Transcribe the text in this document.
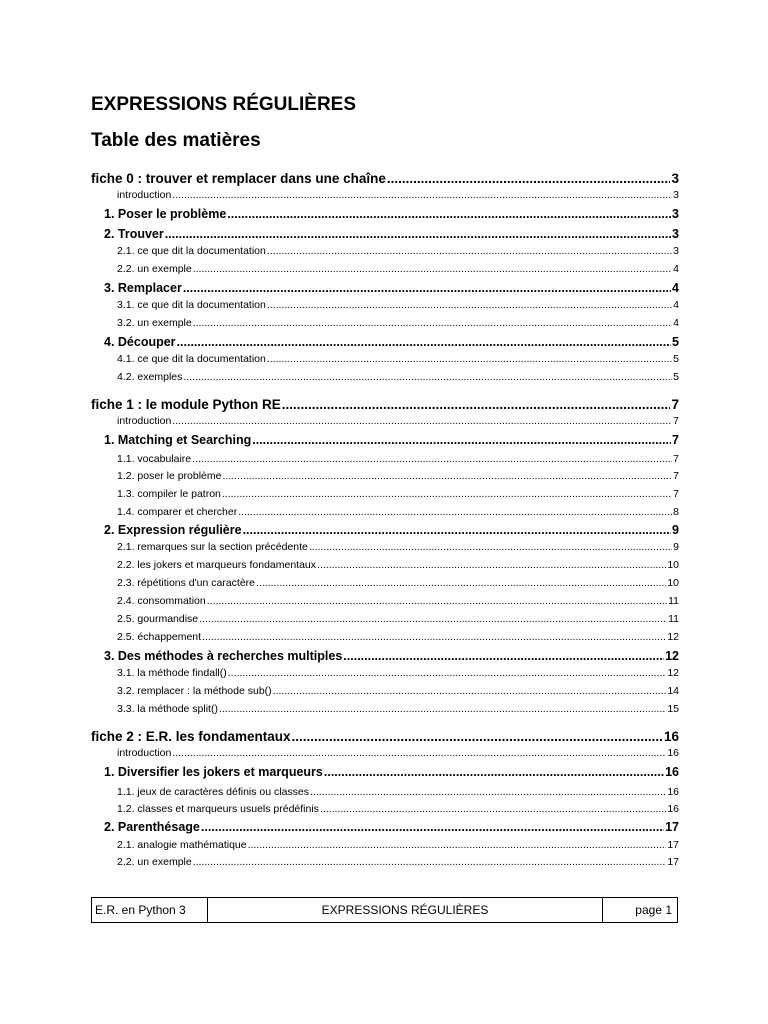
EXPRESSIONS RÉGULIÈRES
Table des matières
fiche 0 : trouver et remplacer dans une chaîne .....	3
introduction .....	3
1. Poser le problème .....	3
2. Trouver .....	3
2.1. ce que dit la documentation .....	3
2.2. un exemple .....	4
3. Remplacer .....	4
3.1. ce que dit la documentation .....	4
3.2. un exemple .....	4
4. Découper .....	5
4.1. ce que dit la documentation .....	5
4.2. exemples .....	5
fiche 1 : le module Python RE .....	7
introduction .....	7
1. Matching et Searching .....	7
1.1. vocabulaire .....	7
1.2. poser le problème .....	7
1.3. compiler le patron .....	7
1.4. comparer et chercher .....	8
2. Expression régulière .....	9
2.1. remarques sur la section précédente .....	9
2.2. les jokers et marqueurs fondamentaux .....	10
2.3. répétitions d'un caractère .....	10
2.4. consommation .....	11
2.5. gourmandise .....	11
2.5. échappement .....	12
3. Des méthodes à recherches multiples .....	12
3.1. la méthode findall() .....	12
3.2. remplacer : la méthode sub() .....	14
3.3. la méthode split() .....	15
fiche 2 : E.R. les fondamentaux .....	16
introduction .....	16
1. Diversifier les jokers et marqueurs .....	16
1.1. jeux de caractères définis ou classes .....	16
1.2. classes et marqueurs usuels prédéfinis .....	16
2. Parenthésage .....	17
2.1. analogie mathématique .....	17
2.2. un exemple .....	17
E.R. en Python 3	EXPRESSIONS RÉGULIÈRES	page 1
